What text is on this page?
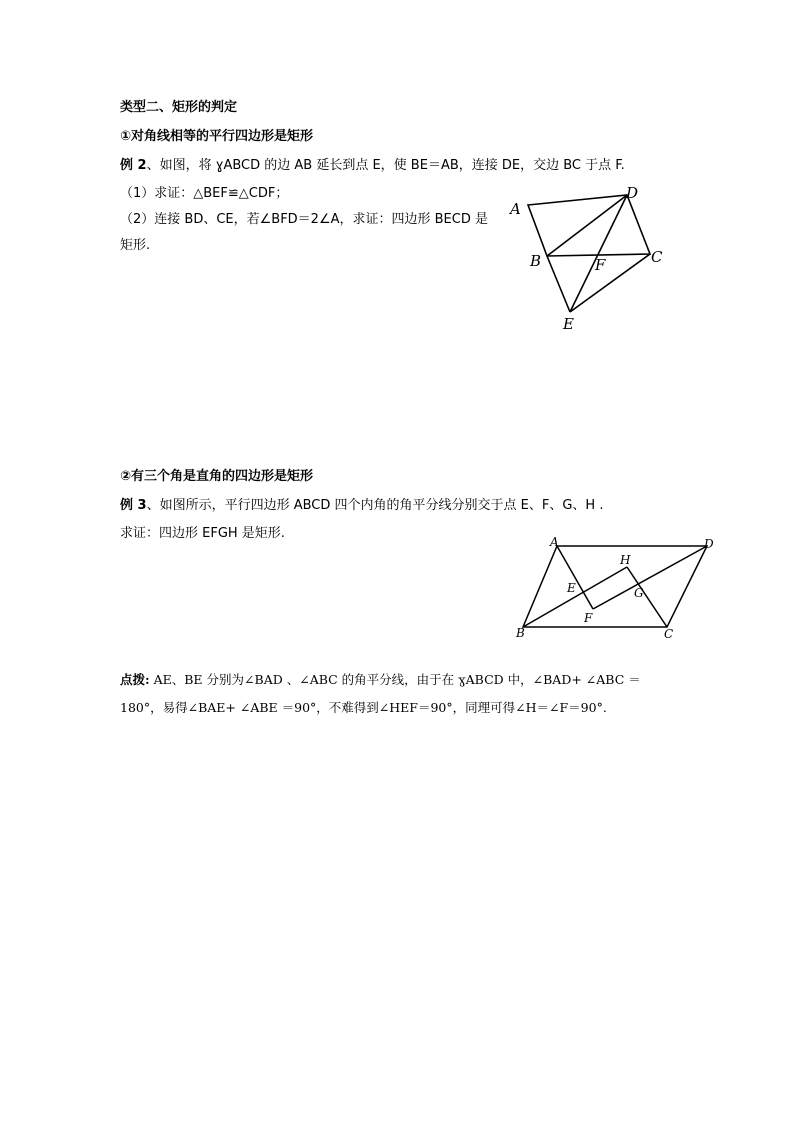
类型二、矩形的判定
①对角线相等的平行四边形是矩形
例 2、如图，将 ɣABCD 的边 AB 延长到点 E，使 BE＝AB，连接 DE，交边 BC 于点 F.
（1）求证：△BEF≌△CDF；
（2）连接 BD、CE，若∠BFD＝2∠A，求证：四边形 BECD 是
矩形.
A
B	C
D
E
F
②有三个角是直角的四边形是矩形
例 3、如图所示，平行四边形 ABCD 四个内角的角平分线分别交于点 E、F、G、H .
求证：四边形 EFGH 是矩形.
A
B	C
D
E
F
G
H
点拨: AE、BE 分别为∠BAD 、∠ABC 的角平分线，由于在 ɣABCD 中，∠BAD+ ∠ABC ＝
180°，易得∠BAE+ ∠ABE ＝90°，不难得到∠HEF＝90°，同理可得∠H＝∠F＝90°.
